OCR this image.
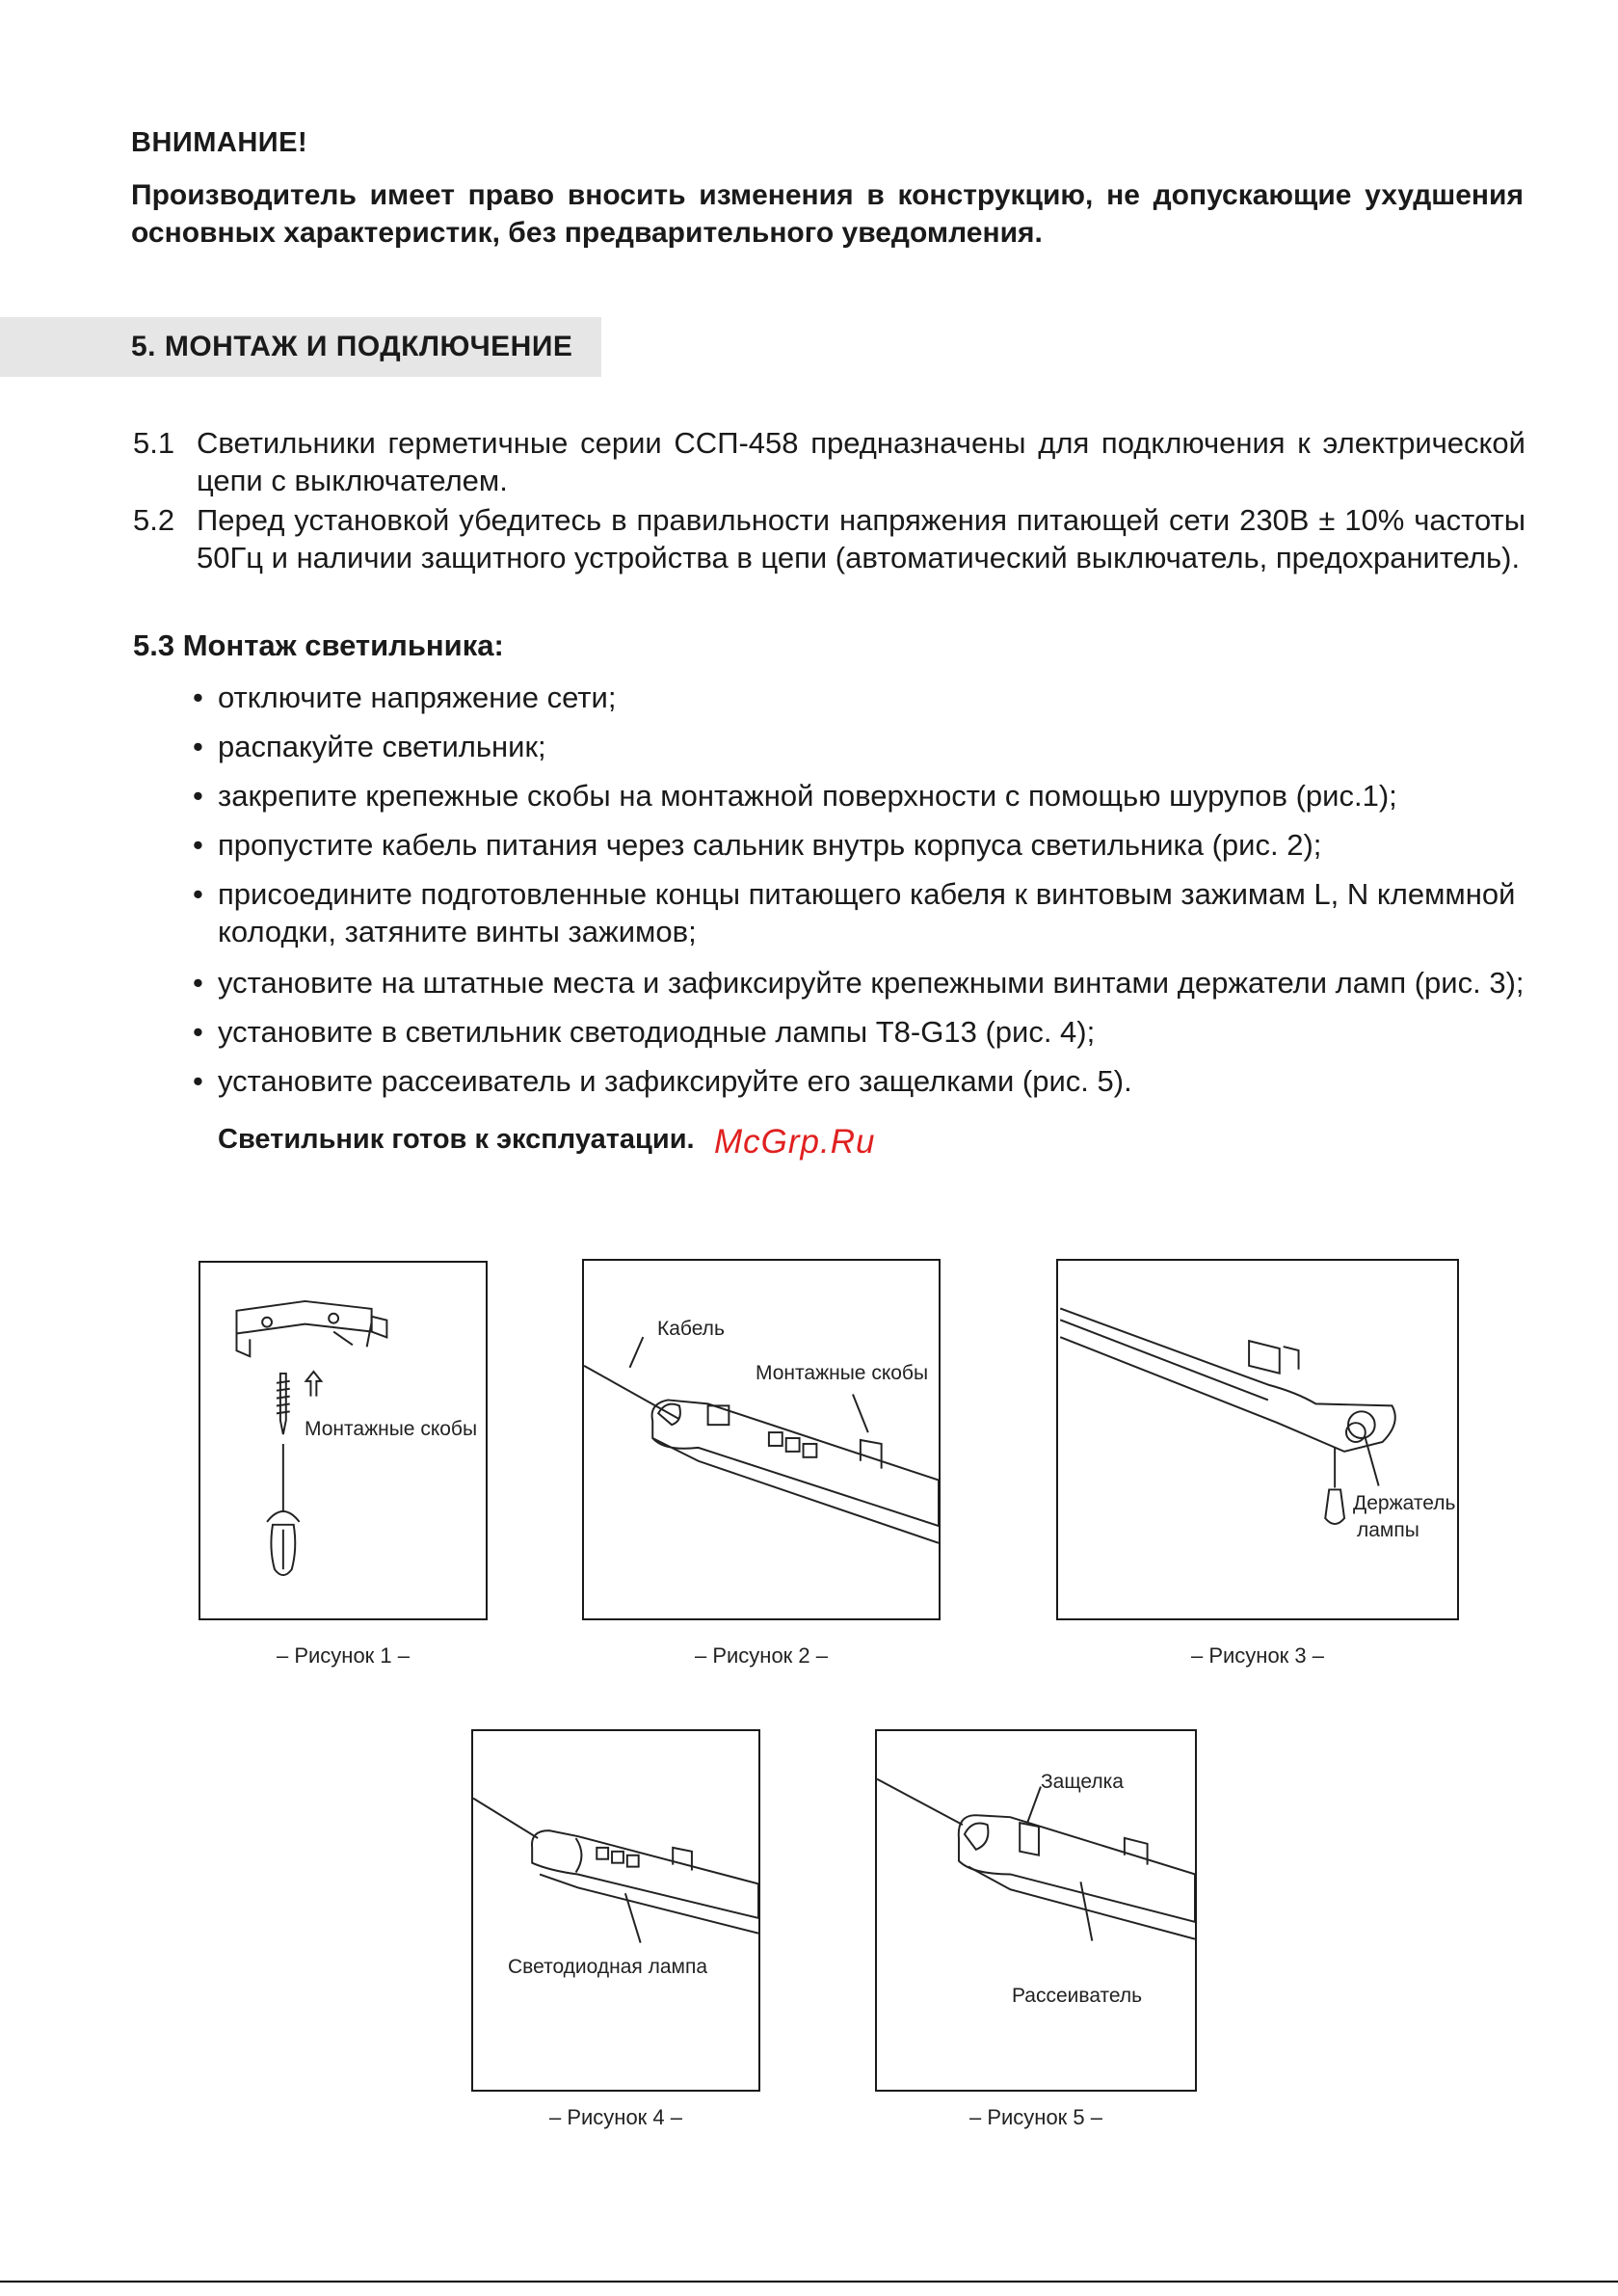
ВНИМАНИЕ!
Производитель имеет право вносить изменения в конструкцию, не допускающие ухудшения основных характеристик, без предварительного уведомления.
5. МОНТАЖ И ПОДКЛЮЧЕНИЕ
5.1 Светильники герметичные серии ССП-458 предназначены для подключения к электрической цепи с выключателем.
5.2 Перед установкой убедитесь в правильности напряжения питающей сети 230В ± 10% частоты 50Гц и наличии защитного устройства в цепи (автоматический выключатель, предохранитель).
5.3 Монтаж светильника:
• отключите напряжение сети;
• распакуйте светильник;
• закрепите крепежные скобы на монтажной поверхности с помощью шурупов (рис.1);
• пропустите кабель питания через сальник внутрь корпуса светильника (рис. 2);
• присоедините подготовленные концы питающего кабеля к винтовым зажимам L, N клеммной колодки, затяните винты зажимов;
• установите на штатные места и зафиксируйте крепежными винтами держатели ламп (рис. 3);
• установите в светильник светодиодные лампы T8-G13 (рис. 4);
• установите рассеиватель и зафиксируйте его защелками (рис. 5).
Светильник готов к эксплуатации. McGrp.Ru
Монтажные скобы
– Рисунок 1 –
Кабель
Монтажные скобы
– Рисунок 2 –
Держатель
лампы
– Рисунок 3 –
Светодиодная лампа
– Рисунок 4 –
Защелка
Рассеиватель
– Рисунок 5 –
